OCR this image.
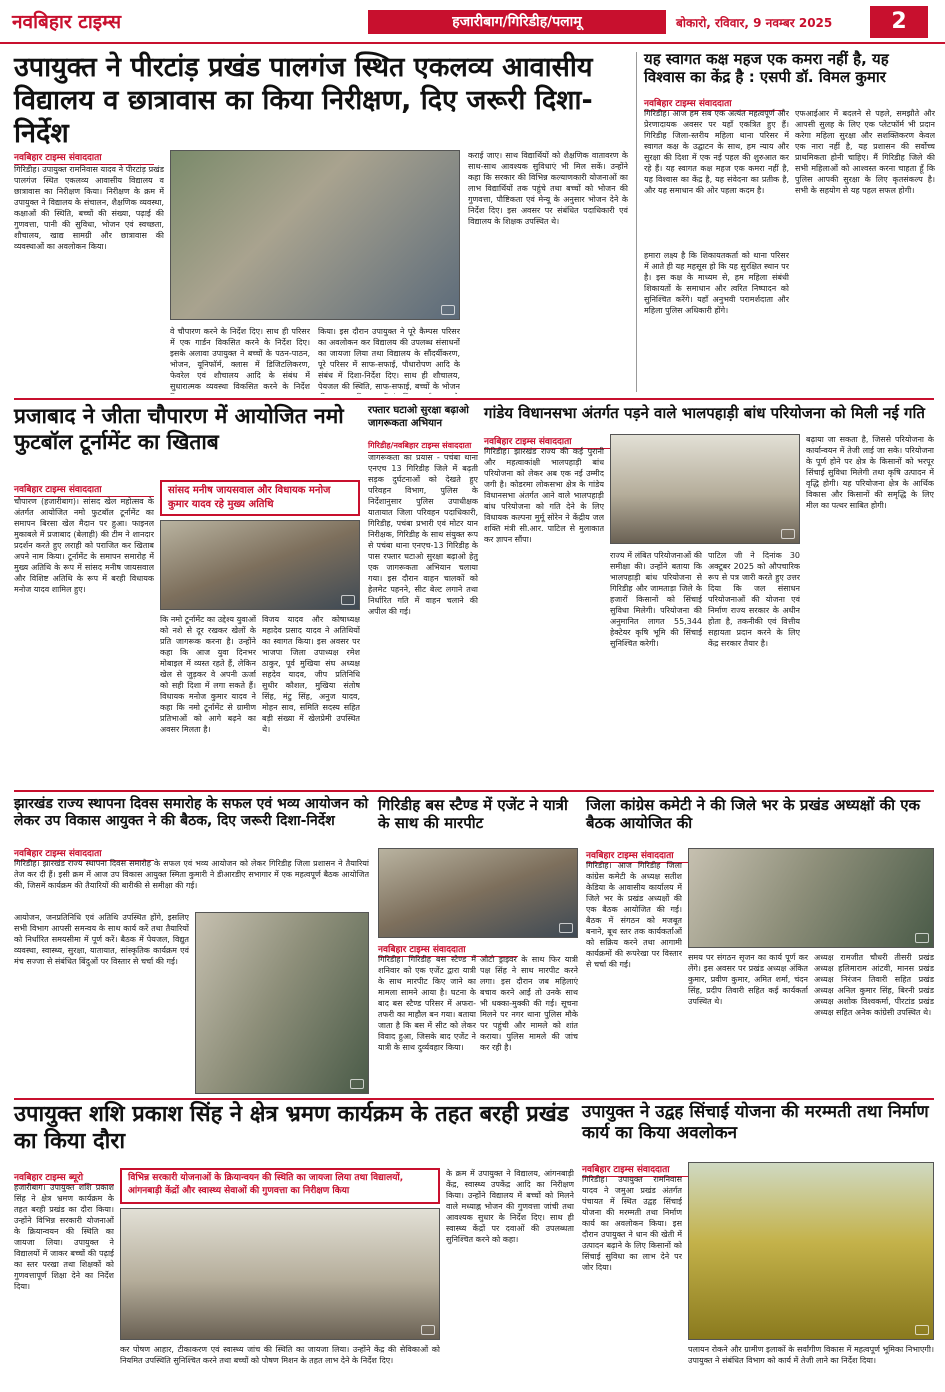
नवबिहार टाइम्स	हजारीबाग/गिरिडीह/पलामू	बोकारो, रविवार, 9 नवम्बर 2025	2
उपायुक्त ने पीरटांड़ प्रखंड पालगंज स्थित एकलव्य आवासीय विद्यालय व छात्रावास का किया निरीक्षण, दिए जरूरी दिशा-निर्देश
नवबिहार टाइम्स संवाददाता
गिरिडीह। उपायुक्त रामनिवास यादव ने पीरटांड़ प्रखंड पालगंज स्थित एकलव्य आवासीय विद्यालय व छात्रावास का निरीक्षण किया। निरीक्षण के क्रम में उपायुक्त ने विद्यालय के संचालन, शैक्षणिक व्यवस्था, कक्षाओं की स्थिति, बच्चों की संख्या, पढ़ाई की गुणवत्ता, पानी की सुविधा, भोजन एवं स्वच्छता, शौचालय, खाद्य सामग्री और छात्रावास की व्यवस्थाओं का अवलोकन किया।
वे चौपारण करने के निर्देश दिए। साथ ही परिसर में एक गार्डन विकसित करने के निर्देश दिए। इसके अलावा उपायुक्त ने बच्चों के पठन-पाठन, भोजन, यूनिफॉर्म, क्लास में डिजिटलिकरण, फेवरेल एवं शौचालय आदि के संबंध में सुधारात्मक व्यवस्था विकसित करने के निर्देश
किया। इस दौरान उपायुक्त ने पूरे कैम्पस परिसर का अवलोकन कर विद्यालय की उपलब्ध संसाधनों का जायजा लिया तथा विद्यालय के सौंदर्यीकरण, पूरे परिसर में साफ-सफाई, पौधारोपण आदि के संबंध में दिशा-निर्देश दिए। साथ ही शौचालय, पेयजल की स्थिति, साफ-सफाई, बच्चों के भोजन
कराई जाए। साथ विद्यार्थियों को शैक्षणिक वातावरण के साथ-साथ आवश्यक सुविधाएं भी मिल सकें। उन्होंने कहा कि सरकार की विभिन्न कल्याणकारी योजनाओं का लाभ विद्यार्थियों तक पहुंचे तथा बच्चों को भोजन की गुणवत्ता, पौष्टिकता एवं मेन्यू के अनुसार भोजन देने के निर्देश दिए। इस अवसर पर संबंधित पदाधिकारी एवं विद्यालय के शिक्षक उपस्थित थे।
यह स्वागत कक्ष महज एक कमरा नहीं है, यह विश्वास का केंद्र है : एसपी डॉ. विमल कुमार
नवबिहार टाइम्स संवाददाता
गिरिडीह। आज हम सब एक अत्यंत महत्वपूर्ण और प्रेरणादायक अवसर पर यहाँ एकत्रित हुए हैं। गिरिडीह जिला-स्तरीय महिला थाना परिसर में स्वागत कक्ष के उद्घाटन के साथ, हम न्याय और सुरक्षा की दिशा में एक नई पहल की शुरुआत कर रहे हैं। यह स्वागत कक्ष महज एक कमरा नहीं है, यह विश्वास का केंद्र है, यह संवेदना का प्रतीक है, और यह समाधान की ओर पहला कदम है।
हमारा लक्ष्य है कि शिकायतकर्ता को थाना परिसर में आते ही यह महसूस हो कि यह सुरक्षित स्थान पर है। इस कक्ष के माध्यम से, हम महिला संबंधी शिकायतों के समाधान और त्वरित निष्पादन को सुनिश्चित करेंगे। यहाँ अनुभवी परामर्शदाता और महिला पुलिस अधिकारी होंगे।
एफआईआर में बदलने से पहले, समझौते और आपसी सुलह के लिए एक प्लेटफॉर्म भी प्रदान करेगा महिला सुरक्षा और सशक्तिकरण केवल एक नारा नहीं है, यह प्रशासन की सर्वोच्च प्राथमिकता होनी चाहिए। मैं गिरिडीह जिले की सभी महिलाओं को आश्वस्त करना चाहता हूँ कि पुलिस आपकी सुरक्षा के लिए कृतसंकल्प है। सभी के सहयोग से यह पहल सफल होगी।
प्रजाबाद ने जीता चौपारण में आयोजित नमो फुटबॉल टूर्नामेंट का खिताब
सांसद मनीष जायसवाल और विधायक मनोज कुमार यादव रहे मुख्य अतिथि
नवबिहार टाइम्स संवाददाता
चौपारण (हजारीबाग)। सांसद खेल महोत्सव के अंतर्गत आयोजित नमो फुटबॉल टूर्नामेंट का समापन बिरसा खेल मैदान पर हुआ। फाइनल मुकाबले में प्रजाबाद (बेलाही) की टीम ने शानदार प्रदर्शन करते हुए लराही को पराजित कर खिताब अपने नाम किया। टूर्नामेंट के समापन समारोह में मुख्य अतिथि के रूप में सांसद मनीष जायसवाल और विशिष्ट अतिथि के रूप में बरही विधायक मनोज यादव शामिल हुए।
कि नमो टूर्नामेंट का उद्देश्य युवाओं को नशे से दूर रखकर खेलों के प्रति जागरूक करना है। उन्होंने कहा कि आज युवा दिनभर मोबाइल में व्यस्त रहते हैं, लेकिन खेल से जुड़कर वे अपनी ऊर्जा को सही दिशा में लगा सकते हैं। विधायक मनोज कुमार यादव ने कहा कि नमो टूर्नामेंट से ग्रामीण प्रतिभाओं को आगे बढ़ने का अवसर मिलता है।
विजय यादव और कोषाध्यक्ष महादेव प्रसाद यादव ने अतिथियों का स्वागत किया। इस अवसर पर भाजपा जिला उपाध्यक्ष रमेश ठाकुर, पूर्व मुखिया संघ अध्यक्ष सहदेव यादव, जीप प्रतिनिधि सुधीर कौशल, मुखिया संतोष सिंह, मंटु सिंह, अनुज यादव, मोहन साव, समिति सदस्य सहित बड़ी संख्या में खेलप्रेमी उपस्थित थे।
रफ्तार घटाओ सुरक्षा बढ़ाओ जागरूकता अभियान
गिरिडीह/नवबिहार टाइम्स संवाददाता
जागरूकता का प्रयास - पचंबा थाना एनएच 13 गिरिडीह जिले में बढ़ती सड़क दुर्घटनाओं को देखते हुए परिवहन विभाग, पुलिस के निर्देशानुसार पुलिस उपाधीक्षक यातायात जिला परिवहन पदाधिकारी, गिरिडीह, पचंबा प्रभारी एवं मोटर यान निरीक्षक, गिरिडीह के साथ संयुक्त रूप से पचंबा थाना एनएच-13 गिरिडीह के पास रफ्तार घटाओ सुरक्षा बढ़ाओ हेतु एक जागरूकता अभियान चलाया गया। इस दौरान वाहन चालकों को हेलमेट पहनने, सीट बेल्ट लगाने तथा निर्धारित गति में वाहन चलाने की अपील की गई।
गांडेय विधानसभा अंतर्गत पड़ने वाले भालपहाड़ी बांध परियोजना को मिली नई गति
नवबिहार टाइम्स संवाददाता
गिरिडीह। झारखंड राज्य की कई पुरानी और महत्वाकांक्षी भालपहाड़ी बांध परियोजना को लेकर अब एक नई उम्मीद जगी है। कोडरमा लोकसभा क्षेत्र के गांडेय विधानसभा अंतर्गत आने वाले भालपहाड़ी बांध परियोजना को गति देने के लिए विधायक कल्पना मुर्मू सोरेन ने केंद्रीय जल शक्ति मंत्री सी.आर. पाटिल से मुलाकात कर ज्ञापन सौंपा।
राज्य में लंबित परियोजनाओं की समीक्षा की। उन्होंने बताया कि भालपहाड़ी बांध परियोजना से गिरिडीह और जामताड़ा जिले के हजारों किसानों को सिंचाई सुविधा मिलेगी। परियोजना की अनुमानित लागत 55,344 हेक्टेयर कृषि भूमि की सिंचाई सुनिश्चित करेगी।
पाटिल जी ने दिनांक 30 अक्टूबर 2025 को औपचारिक रूप से पत्र जारी करते हुए उत्तर दिया कि जल संसाधन परियोजनाओं की योजना एवं निर्माण राज्य सरकार के अधीन होता है, तकनीकी एवं वित्तीय सहायता प्रदान करने के लिए केंद्र सरकार तैयार है।
बढ़ाया जा सकता है, जिससे परियोजना के कार्यान्वयन में तेजी लाई जा सके। परियोजना के पूर्ण होने पर क्षेत्र के किसानों को भरपूर सिंचाई सुविधा मिलेगी तथा कृषि उत्पादन में वृद्धि होगी। यह परियोजना क्षेत्र के आर्थिक विकास और किसानों की समृद्धि के लिए मील का पत्थर साबित होगी।
झारखंड राज्य स्थापना दिवस समारोह के सफल एवं भव्य आयोजन को लेकर उप विकास आयुक्त ने की बैठक, दिए जरूरी दिशा-निर्देश
नवबिहार टाइम्स संवाददाता
गिरिडीह। झारखंड राज्य स्थापना दिवस समारोह के सफल एवं भव्य आयोजन को लेकर गिरिडीह जिला प्रशासन ने तैयारियां तेज कर दी हैं। इसी क्रम में आज उप विकास आयुक्त स्मिता कुमारी ने डीआरडीए सभागार में एक महत्वपूर्ण बैठक आयोजित की, जिसमें कार्यक्रम की तैयारियों की बारीकी से समीक्षा की गई।
आयोजन, जनप्रतिनिधि एवं अतिथि उपस्थित होंगे, इसलिए सभी विभाग आपसी समन्वय के साथ कार्य करें तथा तैयारियों को निर्धारित समयसीमा में पूर्ण करें। बैठक में पेयजल, विद्युत व्यवस्था, स्वास्थ्य, सुरक्षा, यातायात, सांस्कृतिक कार्यक्रम एवं मंच सज्जा से संबंधित बिंदुओं पर विस्तार से चर्चा की गई।
गिरिडीह बस स्टैण्ड में एजेंट ने यात्री के साथ की मारपीट
नवबिहार टाइम्स संवाददाता
गिरिडीह। गिरिडीह बस स्टैण्ड में शनिवार को एक एजेंट द्वारा यात्री के साथ मारपीट किए जाने का मामला सामने आया है। घटना के बाद बस स्टैण्ड परिसर में अफरा-तफरी का माहौल बन गया। बताया जाता है कि बस में सीट को लेकर विवाद हुआ, जिसके बाद एजेंट ने यात्री के साथ दुर्व्यवहार किया।
ओटो ड्राइवर के साथ फिर यात्री पक्ष सिंह ने साथ मारपीट करने लगा। इस दौरान जब महिलाएं बचाव करने आईं तो उनके साथ भी धक्का-मुक्की की गई। सूचना मिलने पर नगर थाना पुलिस मौके पर पहुंची और मामले को शांत कराया। पुलिस मामले की जांच कर रही है।
जिला कांग्रेस कमेटी ने की जिले भर के प्रखंड अध्यक्षों की एक बैठक आयोजित की
नवबिहार टाइम्स संवाददाता
गिरिडीह। आज गिरिडीह जिला कांग्रेस कमेटी के अध्यक्ष सतीश केडिया के आवासीय कार्यालय में जिले भर के प्रखंड अध्यक्षों की एक बैठक आयोजित की गई। बैठक में संगठन को मजबूत बनाने, बूथ स्तर तक कार्यकर्ताओं को सक्रिय करने तथा आगामी कार्यक्रमों की रूपरेखा पर विस्तार से चर्चा की गई।
समय पर संगठन सृजन का कार्य पूर्ण कर लेंगे। इस अवसर पर प्रखंड अध्यक्ष अंकित कुमार, प्रवीण कुमार, अमित शर्मा, चंदन सिंह, प्रदीप तिवारी सहित कई कार्यकर्ता उपस्थित थे।
अध्यक्ष रामजीत चौधरी तीसरी प्रखंड अध्यक्ष हलिमाराम आंटवी, मानस प्रखंड अध्यक्ष निरंजन तिवारी सहित प्रखंड अध्यक्ष अनिल कुमार सिंह, बिरनी प्रखंड अध्यक्ष अशोक विश्वकर्मा, पीरटांड प्रखंड अध्यक्ष सहित अनेक कांग्रेसी उपस्थित थे।
उपायुक्त शशि प्रकाश सिंह ने क्षेत्र भ्रमण कार्यक्रम के तहत बरही प्रखंड का किया दौरा
नवबिहार टाइम्स ब्यूरो
हजारीबाग। उपायुक्त शशि प्रकाश सिंह ने क्षेत्र भ्रमण कार्यक्रम के तहत बरही प्रखंड का दौरा किया। उन्होंने विभिन्न सरकारी योजनाओं के क्रियान्वयन की स्थिति का जायजा लिया। उपायुक्त ने विद्यालयों में जाकर बच्चों की पढ़ाई का स्तर परखा तथा शिक्षकों को गुणवत्तापूर्ण शिक्षा देने का निर्देश दिया।
विभिन्न सरकारी योजनाओं के क्रियान्वयन की स्थिति का जायजा लिया तथा विद्यालयों, आंगनबाड़ी केंद्रों और स्वास्थ्य सेवाओं की गुणवत्ता का निरीक्षण किया
कर पोषण आहार, टीकाकरण एवं स्वास्थ्य जांच की स्थिति का जायजा लिया। उन्होंने केंद्र की सेविकाओं को नियमित उपस्थिति सुनिश्चित करने तथा बच्चों को पोषण मिशन के तहत लाभ देने के निर्देश दिए।
के क्रम में उपायुक्त ने विद्यालय, आंगनबाड़ी केंद्र, स्वास्थ्य उपकेंद्र आदि का निरीक्षण किया। उन्होंने विद्यालय में बच्चों को मिलने वाले मध्याह्न भोजन की गुणवत्ता जांची तथा आवश्यक सुधार के निर्देश दिए। साथ ही स्वास्थ्य केंद्रों पर दवाओं की उपलब्धता सुनिश्चित करने को कहा।
उपायुक्त ने उद्वह सिंचाई योजना की मरम्मती तथा निर्माण कार्य का किया अवलोकन
नवबिहार टाइम्स संवाददाता
गिरिडीह। उपायुक्त रामनिवास यादव ने जमुआ प्रखंड अंतर्गत पंचायत में स्थित उद्वह सिंचाई योजना की मरम्मती तथा निर्माण कार्य का अवलोकन किया। इस दौरान उपायुक्त ने धान की खेती में उत्पादन बढ़ाने के लिए किसानों को सिंचाई सुविधा का लाभ देने पर जोर दिया।
पलायन रोकने और ग्रामीण इलाकों के सर्वांगीण विकास में महत्वपूर्ण भूमिका निभाएगी। उपायुक्त ने संबंधित विभाग को कार्य में तेजी लाने का निर्देश दिया।
